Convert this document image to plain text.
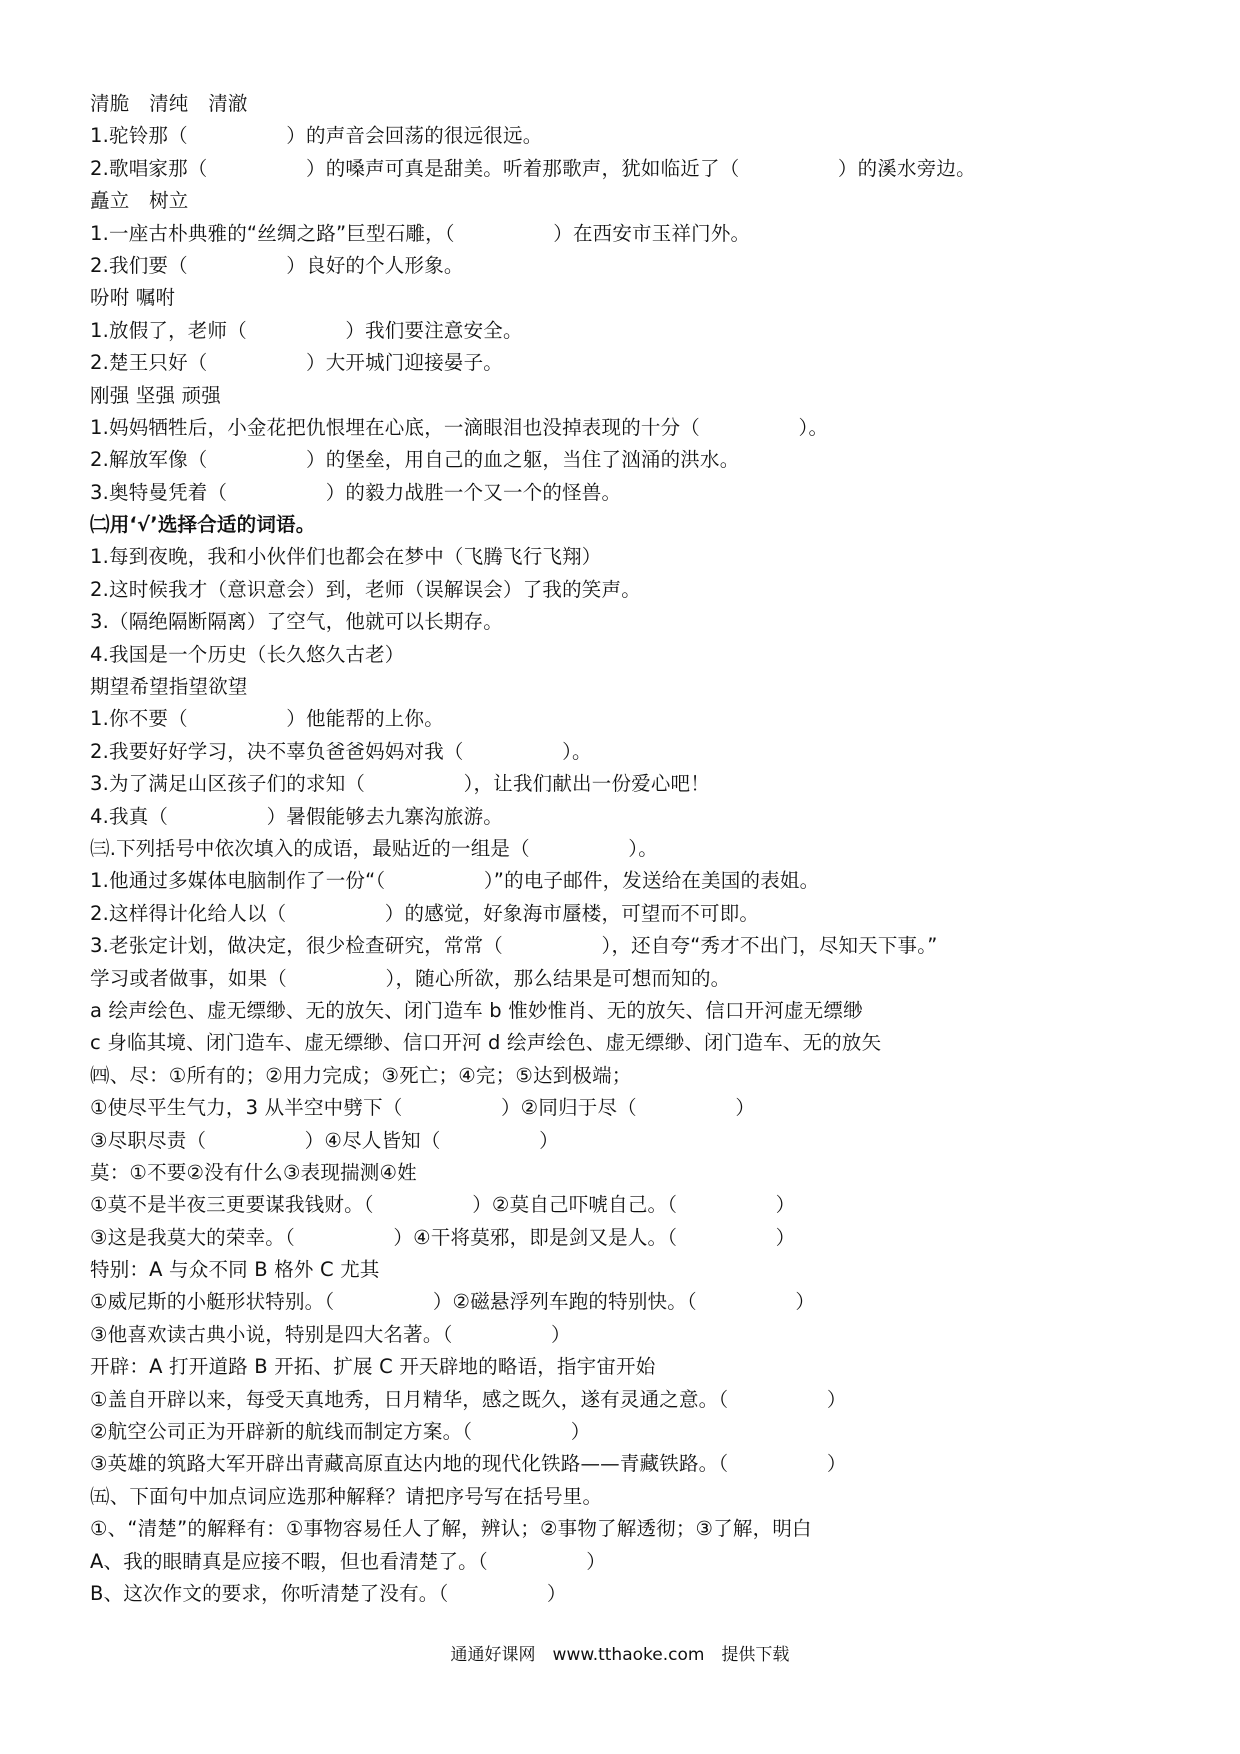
清脆　清纯　清澈
1.驼铃那（　　　　　）的声音会回荡的很远很远。
2.歌唱家那（　　　　　）的嗓声可真是甜美。听着那歌声，犹如临近了（　　　　　）的溪水旁边。
矗立　树立
1.一座古朴典雅的“丝绸之路”巨型石雕，（　　　　　）在西安市玉祥门外。
2.我们要（　　　　　）良好的个人形象。
吩咐 嘱咐
1.放假了，老师（　　　　　）我们要注意安全。
2.楚王只好（　　　　　）大开城门迎接晏子。
刚强 坚强 顽强
1.妈妈牺牲后，小金花把仇恨埋在心底，一滴眼泪也没掉表现的十分（　　　　　）。
2.解放军像（　　　　　）的堡垒，用自己的血之躯，当住了汹涌的洪水。
3.奥特曼凭着（　　　　　）的毅力战胜一个又一个的怪兽。
㈡用‘√’选择合适的词语。
1.每到夜晚，我和小伙伴们也都会在梦中（飞腾飞行飞翔）
2.这时候我才（意识意会）到，老师（误解误会）了我的笑声。
3.（隔绝隔断隔离）了空气，他就可以长期存。
4.我国是一个历史（长久悠久古老）
期望希望指望欲望
1.你不要（　　　　　）他能帮的上你。
2.我要好好学习，决不辜负爸爸妈妈对我（　　　　　）。
3.为了满足山区孩子们的求知（　　　　　），让我们献出一份爱心吧！
4.我真（　　　　　）暑假能够去九寨沟旅游。
㈢.下列括号中依次填入的成语，最贴近的一组是（　　　　　）。
1.他通过多媒体电脑制作了一份“（　　　　　）”的电子邮件，发送给在美国的表姐。
2.这样得计化给人以（　　　　　）的感觉，好象海市蜃楼，可望而不可即。
3.老张定计划，做决定，很少检查研究，常常（　　　　　），还自夸“秀才不出门，尽知天下事。”
学习或者做事，如果（　　　　　），随心所欲，那么结果是可想而知的。
a 绘声绘色、虚无缥缈、无的放矢、闭门造车 b 惟妙惟肖、无的放矢、信口开河虚无缥缈
c 身临其境、闭门造车、虚无缥缈、信口开河 d 绘声绘色、虚无缥缈、闭门造车、无的放矢
㈣、尽：①所有的；②用力完成；③死亡；④完；⑤达到极端；
①使尽平生气力，3 从半空中劈下（　　　　　）②同归于尽（　　　　　）
③尽职尽责（　　　　　）④尽人皆知（　　　　　）
莫：①不要②没有什么③表现揣测④姓
①莫不是半夜三更要谋我钱财。（　　　　　）②莫自己吓唬自己。（　　　　　）
③这是我莫大的荣幸。（　　　　　）④干将莫邪，即是剑又是人。（　　　　　）
特别：A 与众不同 B 格外 C 尤其
①威尼斯的小艇形状特别。（　　　　　）②磁悬浮列车跑的特别快。（　　　　　）
③他喜欢读古典小说，特别是四大名著。（　　　　　）
开辟：A 打开道路 B 开拓、扩展 C 开天辟地的略语，指宇宙开始
①盖自开辟以来，每受天真地秀，日月精华，感之既久，遂有灵通之意。（　　　　　）
②航空公司正为开辟新的航线而制定方案。（　　　　　）
③英雄的筑路大军开辟出青藏高原直达内地的现代化铁路——青藏铁路。（　　　　　）
㈤、下面句中加点词应选那种解释？请把序号写在括号里。
①、“清楚”的解释有：①事物容易任人了解，辨认；②事物了解透彻；③了解，明白
A、我的眼睛真是应接不暇，但也看清楚了。（　　　　　）
B、这次作文的要求，你听清楚了没有。（　　　　　）
通通好课网　www.tthaoke.com　提供下载
